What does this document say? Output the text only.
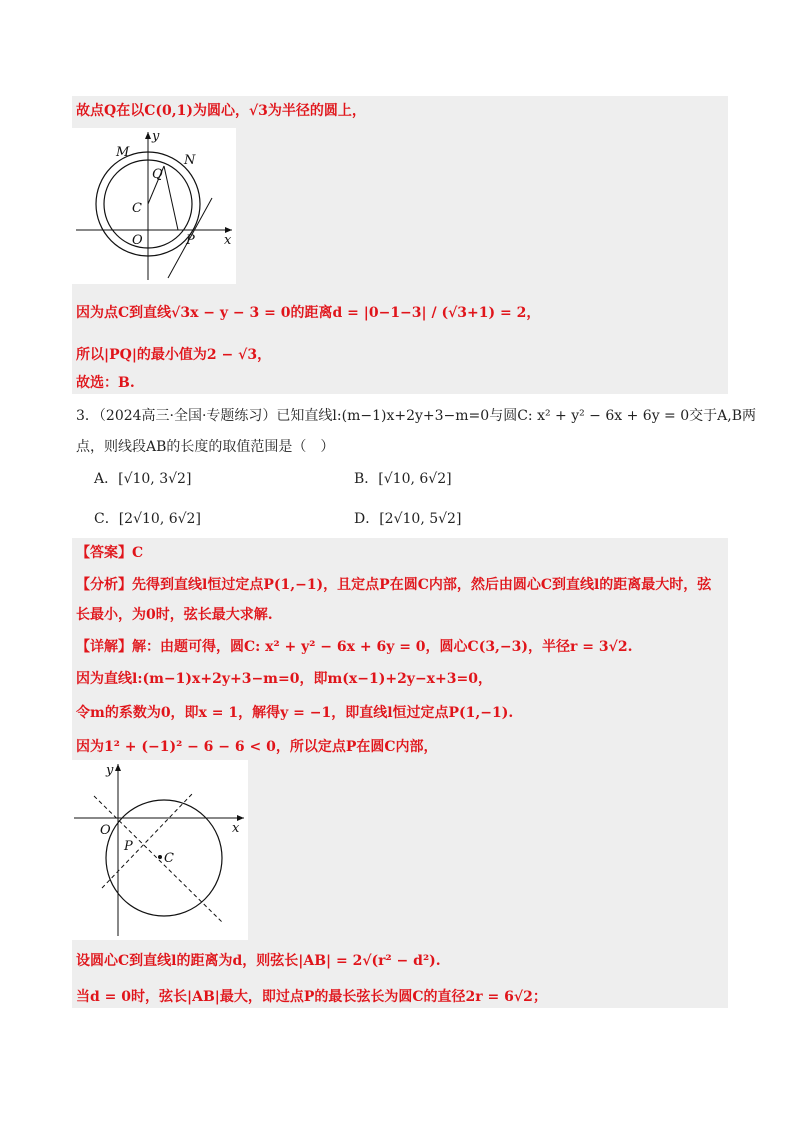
故点Q在以C(0,1)为圆心，√3为半径的圆上，
y
M
N
Q
C
O	P x
因为点C到直线√3x − y − 3 = 0的距离d = |0−1−3| / (√3+1) = 2，
所以|PQ|的最小值为2 − √3，
故选：B.
3．（2024高三·全国·专题练习）已知直线l:(m−1)x+2y+3−m=0与圆C: x² + y² − 6x + 6y = 0交于A,B两
点，则线段AB的长度的取值范围是（　）
A．[√10, 3√2]	B．[√10, 6√2]
C．[2√10, 6√2]	D．[2√10, 5√2]
【答案】C
【分析】先得到直线l恒过定点P(1,−1)，且定点P在圆C内部，然后由圆心C到直线l的距离最大时，弦
长最小，为0时，弦长最大求解.
【详解】解：由题可得，圆C: x² + y² − 6x + 6y = 0，圆心C(3,−3)，半径r = 3√2.
因为直线l:(m−1)x+2y+3−m=0，即m(x−1)+2y−x+3=0，
令m的系数为0，即x = 1，解得y = −1，即直线l恒过定点P(1,−1).
因为1² + (−1)² − 6 − 6 < 0，所以定点P在圆C内部，
y
O
P
C
x
设圆心C到直线l的距离为d，则弦长|AB| = 2√(r² − d²).
当d = 0时，弦长|AB|最大，即过点P的最长弦长为圆C的直径2r = 6√2；
